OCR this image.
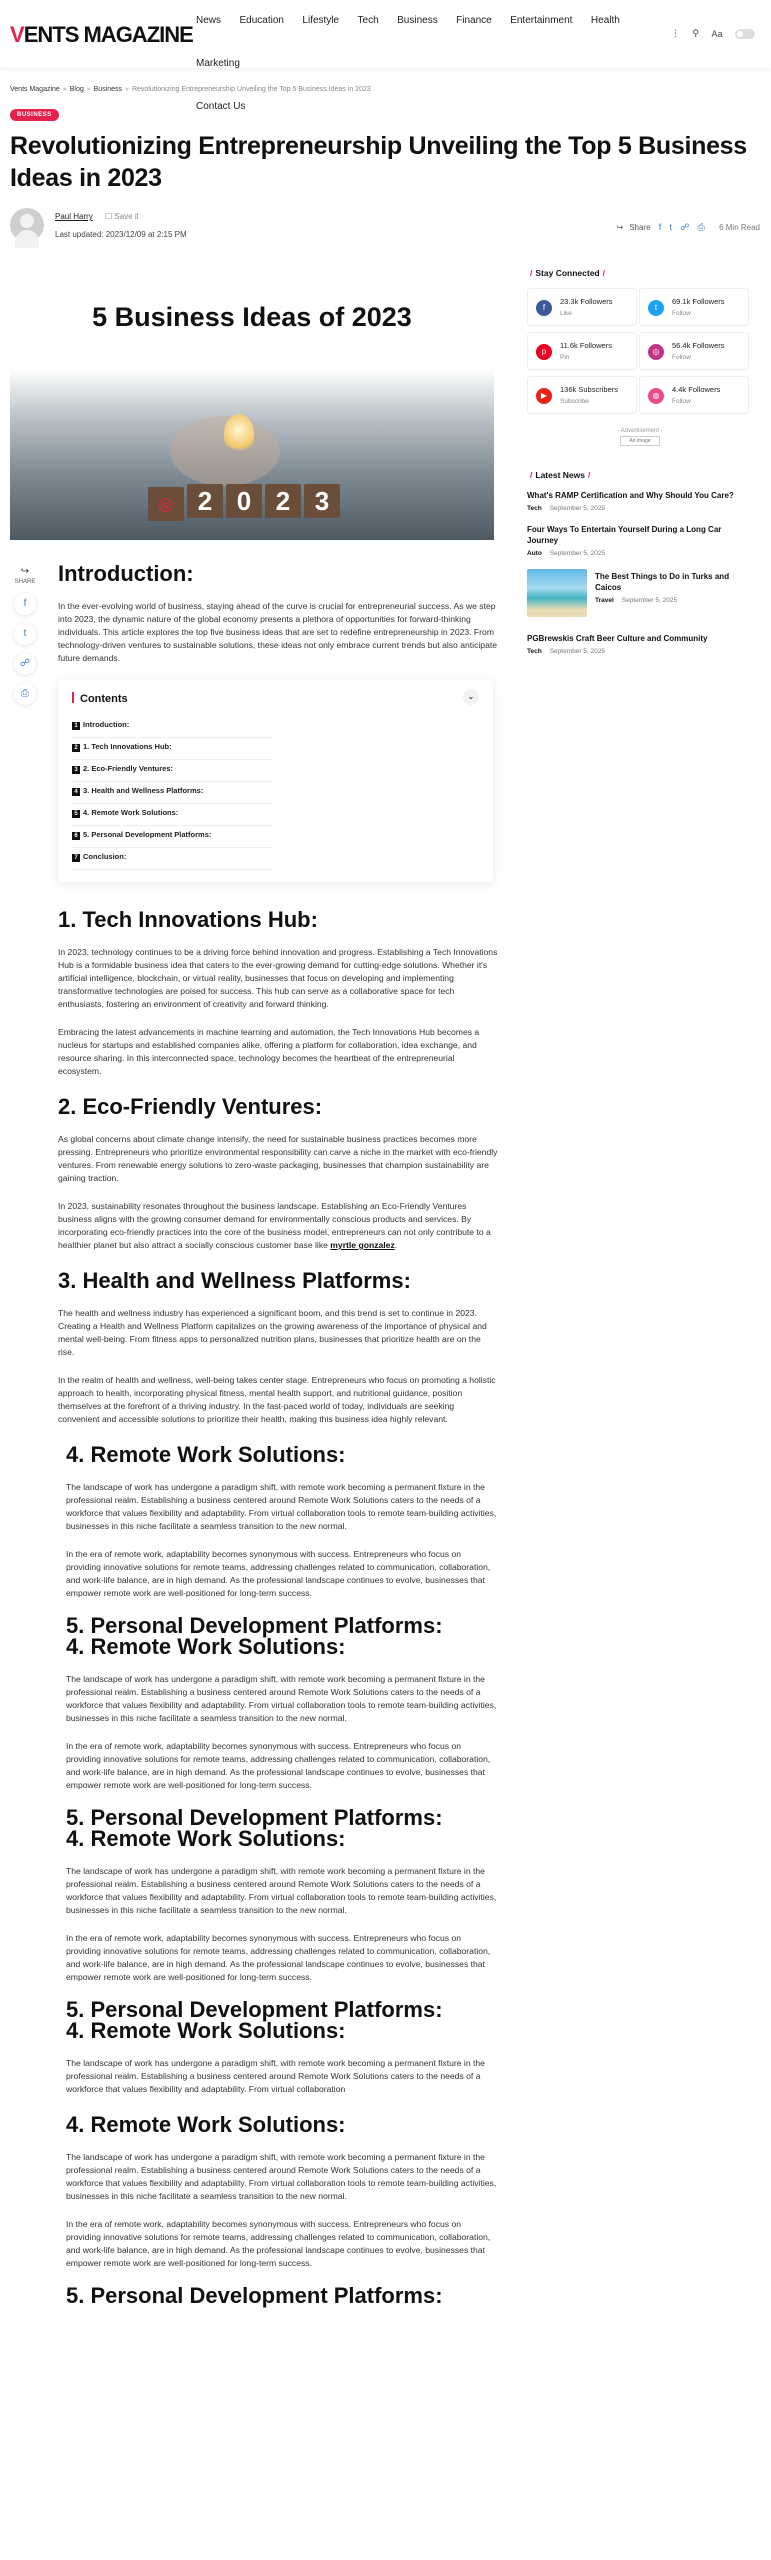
VENTS MAGAZINE
News Education Lifestyle Tech Business Finance Entertainment Health Marketing
Contact Us
⋮ ⚲ Aa
Vents Magazine » Blog » Business » Revolutionizing Entrepreneurship Unveiling the Top 5 Business Ideas in 2023
BUSINESS
Revolutionizing Entrepreneurship Unveiling the Top 5 Business Ideas in 2023
Paul Harry ☐ Save it
Last updated: 2023/12/09 at 2:15 PM
↪ Share f t ☍ ⎙ 6 Min Read
5 Business Ideas of 2023
◎ 2 0 2 3
↪
SHARE
f
t
☍
⎙
Introduction:

In the ever-evolving world of business, staying ahead of the curve is crucial for entrepreneurial success. As we step into 2023, the dynamic nature of the global economy presents a plethora of opportunities for forward-thinking individuals. This article explores the top five business ideas that are set to redefine entrepreneurship in 2023. From technology-driven ventures to sustainable solutions, these ideas not only embrace current trends but also anticipate future demands.

Contents	⌄
1 Introduction:2 1. Tech Innovations Hub: 3 2. Eco-Friendly Ventures:4 3. Health and Wellness Platforms: 5 4. Remote Work Solutions:6 5. Personal Development Platforms: 7 Conclusion:
1. Tech Innovations Hub:

In 2023, technology continues to be a driving force behind innovation and progress. Establishing a Tech Innovations Hub is a formidable business idea that caters to the ever-growing demand for cutting-edge solutions. Whether it's artificial intelligence, blockchain, or virtual reality, businesses that focus on developing and implementing transformative technologies are poised for success. This hub can serve as a collaborative space for tech enthusiasts, fostering an environment of creativity and forward thinking.

Embracing the latest advancements in machine learning and automation, the Tech Innovations Hub becomes a nucleus for startups and established companies alike, offering a platform for collaboration, idea exchange, and resource sharing. In this interconnected space, technology becomes the heartbeat of the entrepreneurial ecosystem.

2. Eco-Friendly Ventures:

As global concerns about climate change intensify, the need for sustainable business practices becomes more pressing. Entrepreneurs who prioritize environmental responsibility can carve a niche in the market with eco-friendly ventures. From renewable energy solutions to zero-waste packaging, businesses that champion sustainability are gaining traction.

In 2023, sustainability resonates throughout the business landscape. Establishing an Eco-Friendly Ventures business aligns with the growing consumer demand for environmentally conscious products and services. By incorporating eco-friendly practices into the core of the business model, entrepreneurs can not only contribute to a healthier planet but also attract a socially conscious customer base like myrtle gonzalez.

3. Health and Wellness Platforms:

The health and wellness industry has experienced a significant boom, and this trend is set to continue in 2023. Creating a Health and Wellness Platform capitalizes on the growing awareness of the importance of physical and mental well-being. From fitness apps to personalized nutrition plans, businesses that prioritize health are on the rise.

In the realm of health and wellness, well-being takes center stage. Entrepreneurs who focus on promoting a holistic approach to health, incorporating physical fitness, mental health support, and nutritional guidance, position themselves at the forefront of a thriving industry. In the fast-paced world of today, individuals are seeking convenient and accessible solutions to prioritize their health, making this business idea highly relevant.

4. Remote Work Solutions:

The landscape of work has undergone a paradigm shift, with remote work becoming a permanent fixture in the professional realm. Establishing a business centered around Remote Work Solutions caters to the needs of a workforce that values flexibility and adaptability. From virtual collaboration tools to remote team-building activities, businesses in this niche facilitate a seamless transition to the new normal.

In the era of remote work, adaptability becomes synonymous with success. Entrepreneurs who focus on providing innovative solutions for remote teams, addressing challenges related to communication, collaboration, and work-life balance, are in high demand. As the professional landscape continues to evolve, businesses that empower remote work are well-positioned for long-term success.

5. Personal Development Platforms:
4. Remote Work Solutions:

The landscape of work has undergone a paradigm shift, with remote work becoming a permanent fixture in the professional realm. Establishing a business centered around Remote Work Solutions caters to the needs of a workforce that values flexibility and adaptability. From virtual collaboration tools to remote team-building activities, businesses in this niche facilitate a seamless transition to the new normal.

In the era of remote work, adaptability becomes synonymous with success. Entrepreneurs who focus on providing innovative solutions for remote teams, addressing challenges related to communication, collaboration, and work-life balance, are in high demand. As the professional landscape continues to evolve, businesses that empower remote work are well-positioned for long-term success.

5. Personal Development Platforms:
4. Remote Work Solutions:

The landscape of work has undergone a paradigm shift, with remote work becoming a permanent fixture in the professional realm. Establishing a business centered around Remote Work Solutions caters to the needs of a workforce that values flexibility and adaptability. From virtual collaboration tools to remote team-building activities, businesses in this niche facilitate a seamless transition to the new normal.

In the era of remote work, adaptability becomes synonymous with success. Entrepreneurs who focus on providing innovative solutions for remote teams, addressing challenges related to communication, collaboration, and work-life balance, are in high demand. As the professional landscape continues to evolve, businesses that empower remote work are well-positioned for long-term success.

5. Personal Development Platforms:
4. Remote Work Solutions:

The landscape of work has undergone a paradigm shift, with remote work becoming a permanent fixture in the professional realm. Establishing a business centered around Remote Work Solutions caters to the needs of a workforce that values flexibility and adaptability. From virtual collaboration

4. Remote Work Solutions:

The landscape of work has undergone a paradigm shift, with remote work becoming a permanent fixture in the professional realm. Establishing a business centered around Remote Work Solutions caters to the needs of a workforce that values flexibility and adaptability. From virtual collaboration tools to remote team-building activities, businesses in this niche facilitate a seamless transition to the new normal.

In the era of remote work, adaptability becomes synonymous with success. Entrepreneurs who focus on providing innovative solutions for remote teams, addressing challenges related to communication, collaboration, and work-life balance, are in high demand. As the professional landscape continues to evolve, businesses that empower remote work are well-positioned for long-term success.

5. Personal Development Platforms:
/ Stay Connected /
f
23.3k Followers
Like
t
69.1k Followers
Follow

p
11.6k Followers
Pin
◎
56.4k Followers
Follow

▶
136k Subscribers
Subscribe
◍
4.4k Followers
Follow
- Advertisement -
Ad image
/ Latest News /
What's RAMP Certification and Why Should You Care?
Tech September 5, 2025
Four Ways To Entertain Yourself During a Long Car Journey
Auto September 5, 2025
The Best Things to Do in Turks and Caicos
Travel September 5, 2025
PGBrewskis Craft Beer Culture and Community
Tech September 5, 2025
